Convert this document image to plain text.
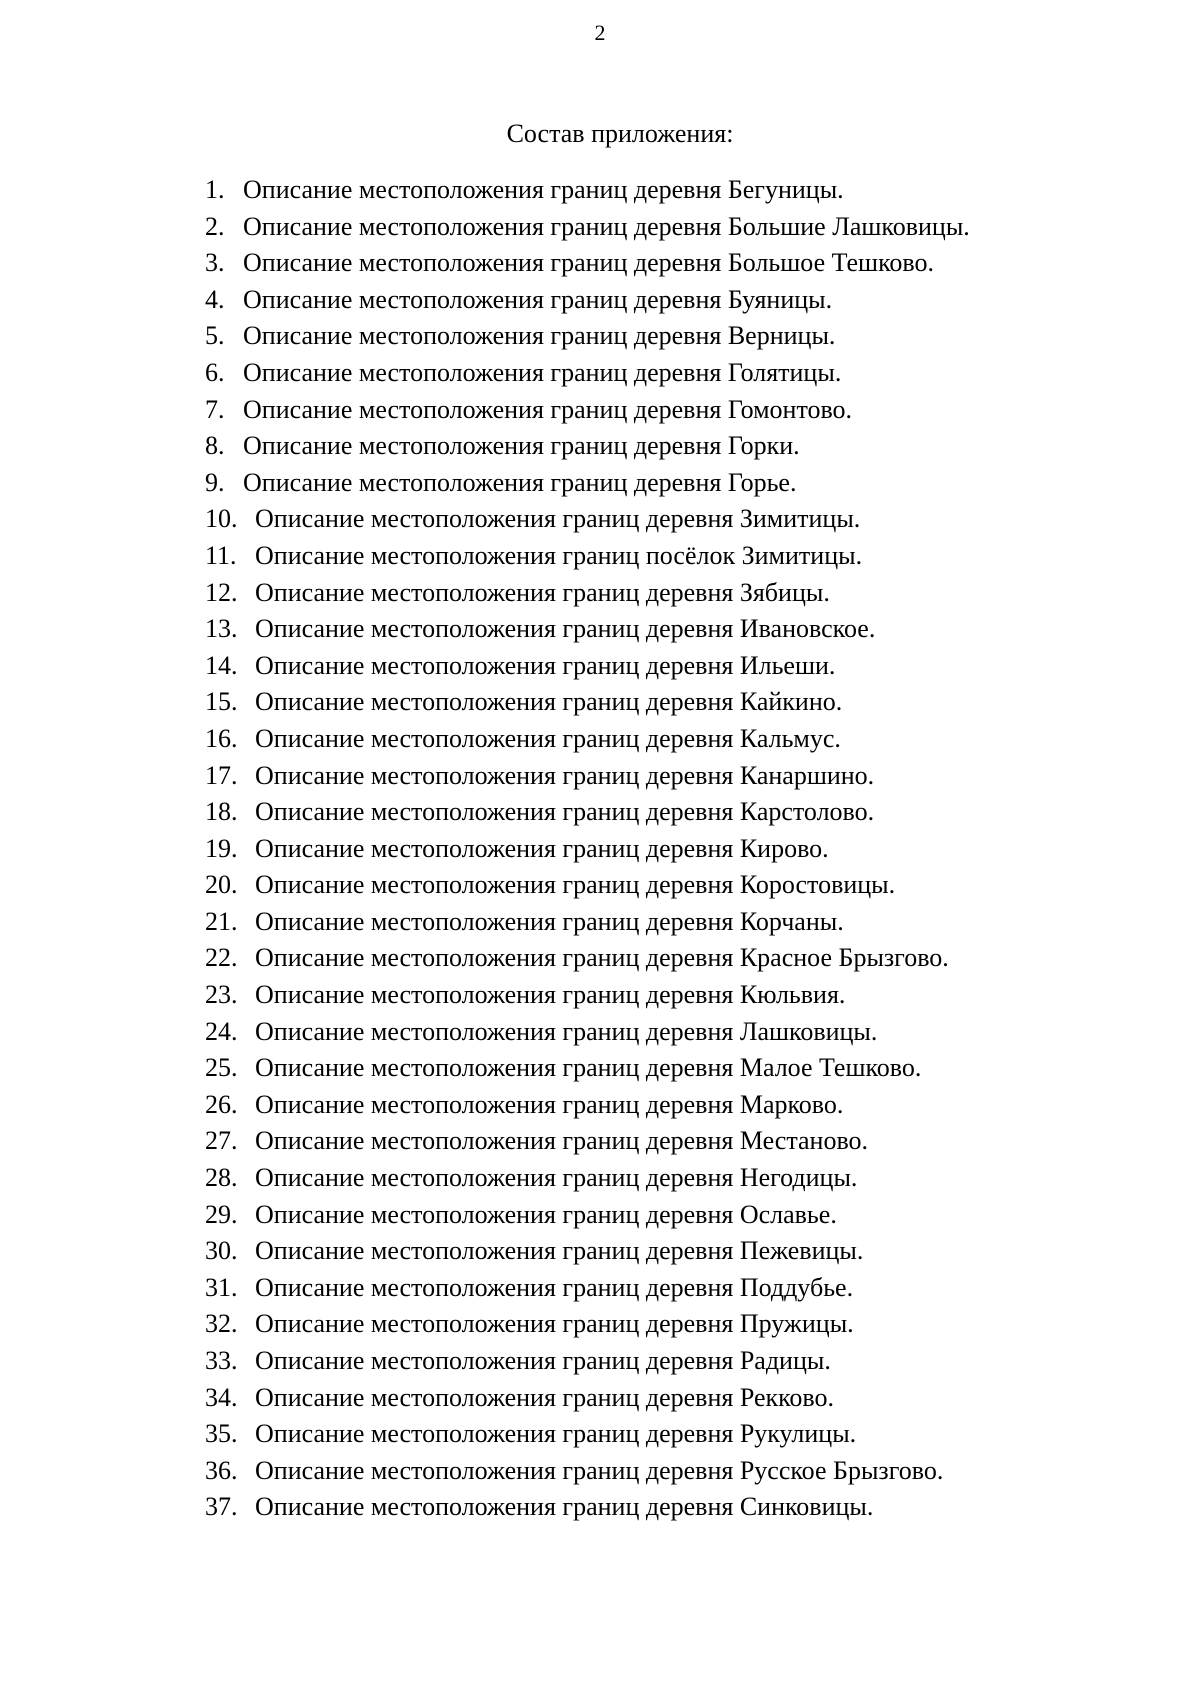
2
Состав приложения:
1. Описание местоположения границ деревня Бегуницы.
2. Описание местоположения границ деревня Большие Лашковицы.
3. Описание местоположения границ деревня Большое Тешково.
4. Описание местоположения границ деревня Буяницы.
5. Описание местоположения границ деревня Верницы.
6. Описание местоположения границ деревня Голятицы.
7. Описание местоположения границ деревня Гомонтово.
8. Описание местоположения границ деревня Горки.
9. Описание местоположения границ деревня Горье.
10. Описание местоположения границ деревня Зимитицы.
11. Описание местоположения границ посёлок Зимитицы.
12. Описание местоположения границ деревня Зябицы.
13. Описание местоположения границ деревня Ивановское.
14. Описание местоположения границ деревня Ильеши.
15. Описание местоположения границ деревня Кайкино.
16. Описание местоположения границ деревня Кальмус.
17. Описание местоположения границ деревня Канаршино.
18. Описание местоположения границ деревня Карстолово.
19. Описание местоположения границ деревня Кирово.
20. Описание местоположения границ деревня Коростовицы.
21. Описание местоположения границ деревня Корчаны.
22. Описание местоположения границ деревня Красное Брызгово.
23. Описание местоположения границ деревня Кюльвия.
24. Описание местоположения границ деревня Лашковицы.
25. Описание местоположения границ деревня Малое Тешково.
26. Описание местоположения границ деревня Марково.
27. Описание местоположения границ деревня Местаново.
28. Описание местоположения границ деревня Негодицы.
29. Описание местоположения границ деревня Ославье.
30. Описание местоположения границ деревня Пежевицы.
31. Описание местоположения границ деревня Поддубье.
32. Описание местоположения границ деревня Пружицы.
33. Описание местоположения границ деревня Радицы.
34. Описание местоположения границ деревня Рекково.
35. Описание местоположения границ деревня Рукулицы.
36. Описание местоположения границ деревня Русское Брызгово.
37. Описание местоположения границ деревня Синковицы.
